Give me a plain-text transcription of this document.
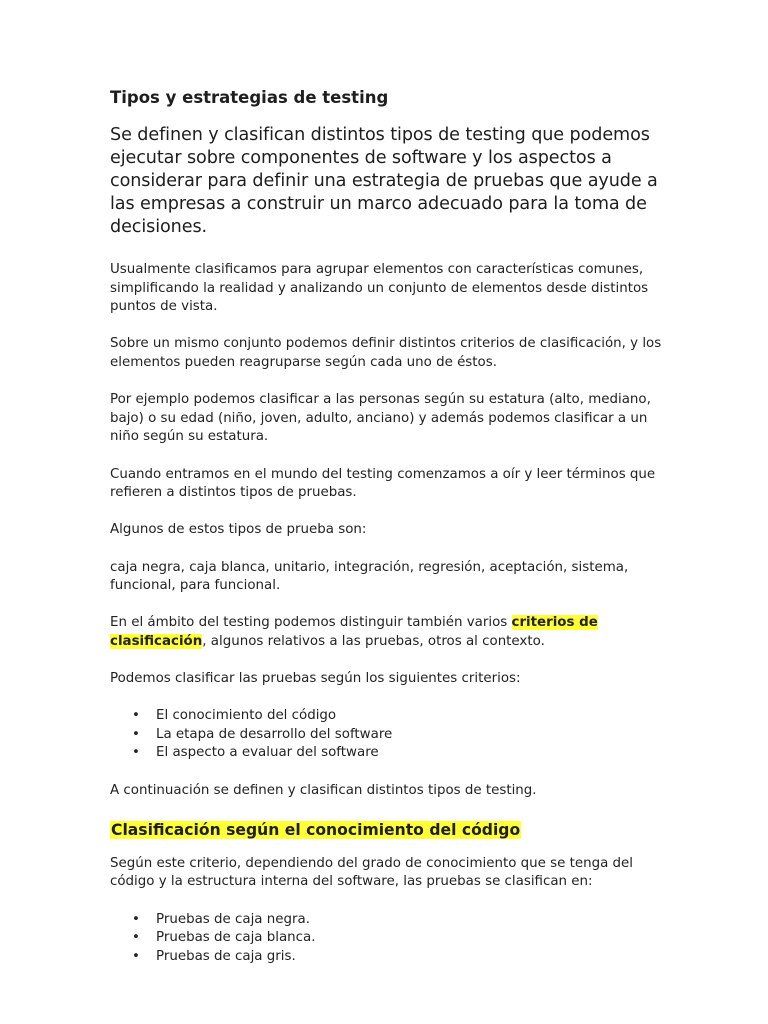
Tipos y estrategias de testing

Se definen y clasifican distintos tipos de testing que podemos ejecutar sobre componentes de software y los aspectos a considerar para definir una estrategia de pruebas que ayude a las empresas a construir un marco adecuado para la toma de decisiones.

Usualmente clasificamos para agrupar elementos con características comunes, simplificando la realidad y analizando un conjunto de elementos desde distintos puntos de vista.

Sobre un mismo conjunto podemos definir distintos criterios de clasificación, y los elementos pueden reagruparse según cada uno de éstos.

Por ejemplo podemos clasificar a las personas según su estatura (alto, mediano, bajo) o su edad (niño, joven, adulto, anciano) y además podemos clasificar a un niño según su estatura.

Cuando entramos en el mundo del testing comenzamos a oír y leer términos que refieren a distintos tipos de pruebas.

Algunos de estos tipos de prueba son:

caja negra, caja blanca, unitario, integración, regresión, aceptación, sistema, funcional, para funcional.

En el ámbito del testing podemos distinguir también varios criterios de clasificación, algunos relativos a las pruebas, otros al contexto.

Podemos clasificar las pruebas según los siguientes criterios:

• El conocimiento del código
• La etapa de desarrollo del software
• El aspecto a evaluar del software

A continuación se definen y clasifican distintos tipos de testing.

Clasificación según el conocimiento del código

Según este criterio, dependiendo del grado de conocimiento que se tenga del código y la estructura interna del software, las pruebas se clasifican en:

• Pruebas de caja negra.
• Pruebas de caja blanca.
• Pruebas de caja gris.
